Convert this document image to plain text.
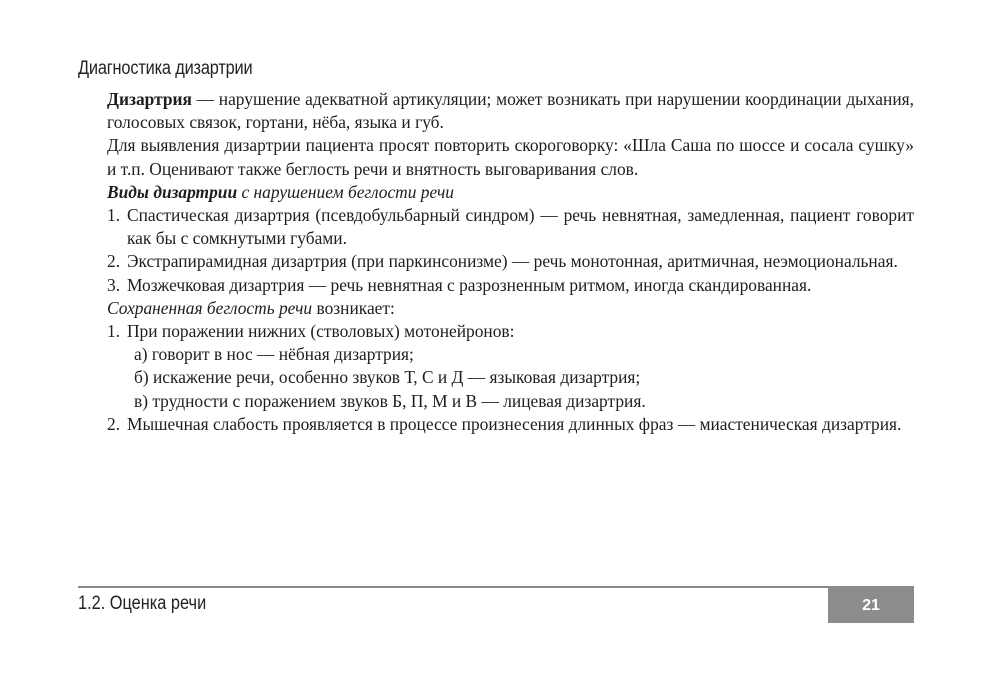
Диагностика дизартрии

Дизартрия — нарушение адекватной артикуляции; может возникать при нарушении координации дыхания, голосовых связок, гортани, нёба, языка и губ.

Для выявления дизартрии пациента просят повторить скороговорку: «Шла Саша по шоссе и сосала сушку» и т.п. Оценивают также беглость речи и внятность выговаривания слов.

Виды дизартрии с нарушением беглости речи

1. Спастическая дизартрия (псевдобульбарный синдром) — речь невнятная, замедленная, пациент говорит как бы с сомкнутыми губами.

2. Экстрапирамидная дизартрия (при паркинсонизме) — речь монотонная, аритмичная, неэмоциональная.

3. Мозжечковая дизартрия — речь невнятная с разрозненным ритмом, иногда скандированная.

Сохраненная беглость речи возникает:

1. При поражении нижних (стволовых) мотонейронов:

а) говорит в нос — нёбная дизартрия;

б) искажение речи, особенно звуков Т, С и Д — языковая дизартрия;

в) трудности с поражением звуков Б, П, М и В — лицевая дизартрия.

2. Мышечная слабость проявляется в процессе произнесения длинных фраз — миастеническая дизартрия.

1.2. Оценка речи	21
